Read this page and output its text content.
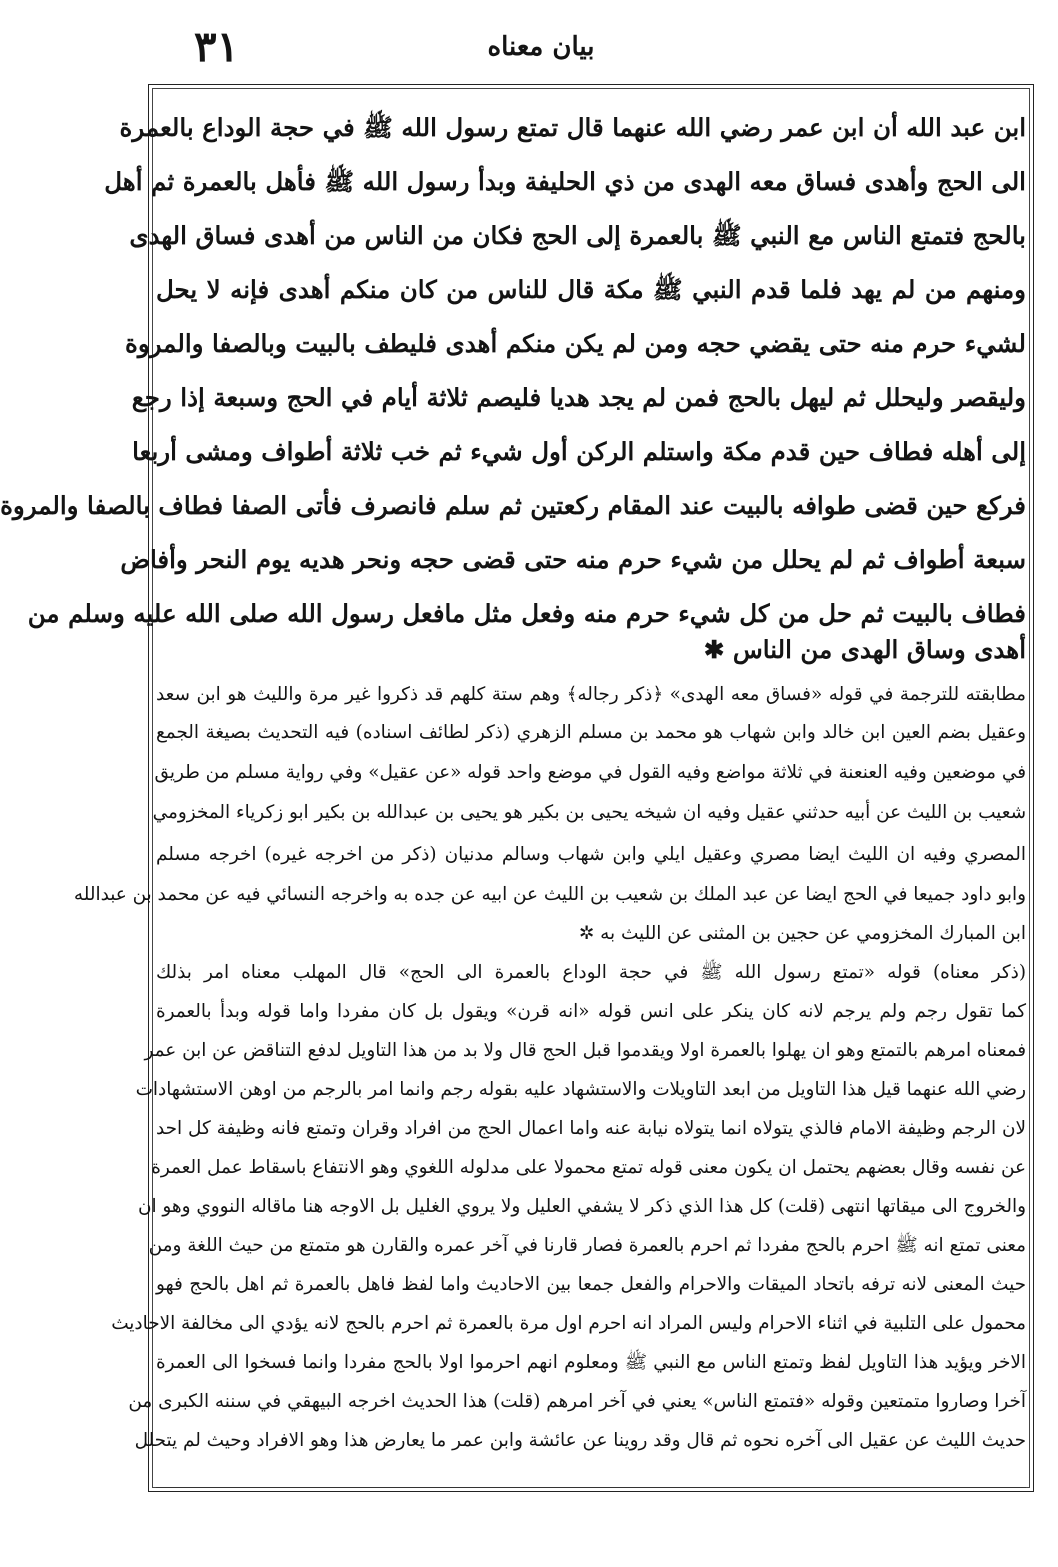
٣١	بيان معناه
ابن عبد الله أن ابن عمر رضي الله عنهما قال تمتع رسول الله ﷺ في حجة الوداع بالعمرة
الى الحج وأهدى فساق معه الهدى من ذي الحليفة وبدأ رسول الله ﷺ فأهل بالعمرة ثم أهل
بالحج فتمتع الناس مع النبي ﷺ بالعمرة إلى الحج فكان من الناس من أهدى فساق الهدى
ومنهم من لم يهد فلما قدم النبي ﷺ مكة قال للناس من كان منكم أهدى فإنه لا يحل
لشيء حرم منه حتى يقضي حجه ومن لم يكن منكم أهدى فليطف بالبيت وبالصفا والمروة
وليقصر وليحلل ثم ليهل بالحج فمن لم يجد هديا فليصم ثلاثة أيام في الحج وسبعة إذا رجع
إلى أهله فطاف حين قدم مكة واستلم الركن أول شيء ثم خب ثلاثة أطواف ومشى أربعا
فركع حين قضى طوافه بالبيت عند المقام ركعتين ثم سلم فانصرف فأتى الصفا فطاف بالصفا والمروة
سبعة أطواف ثم لم يحلل من شيء حرم منه حتى قضى حجه ونحر هديه يوم النحر وأفاض
فطاف بالبيت ثم حل من كل شيء حرم منه وفعل مثل مافعل رسول الله صلى الله عليه وسلم من
أهدى وساق الهدى من الناس ✱
مطابقته للترجمة في قوله «فساق معه الهدى» ﴿ذكر رجاله﴾ وهم ستة كلهم قد ذكروا غير مرة والليث هو ابن سعد
وعقيل بضم العين ابن خالد وابن شهاب هو محمد بن مسلم الزهري (ذكر لطائف اسناده) فيه التحديث بصيغة الجمع
في موضعين وفيه العنعنة في ثلاثة مواضع وفيه القول في موضع واحد قوله «عن عقيل» وفي رواية مسلم من طريق
شعيب بن الليث عن أبيه حدثني عقيل وفيه ان شيخه يحيى بن بكير هو يحيى بن عبدالله بن بكير ابو زكرياء المخزومي
المصري وفيه ان الليث ايضا مصري وعقيل ايلي وابن شهاب وسالم مدنيان (ذكر من اخرجه غيره) اخرجه مسلم
وابو داود جميعا في الحج ايضا عن عبد الملك بن شعيب بن الليث عن ابيه عن جده به واخرجه النسائي فيه عن محمد بن عبدالله
ابن المبارك المخزومي عن حجين بن المثنى عن الليث به ✲
(ذكر معناه) قوله «تمتع رسول الله ﷺ في حجة الوداع بالعمرة الى الحج» قال المهلب معناه امر بذلك
كما تقول رجم ولم يرجم لانه كان ينكر على انس قوله «انه قرن» ويقول بل كان مفردا واما قوله وبدأ بالعمرة
فمعناه امرهم بالتمتع وهو ان يهلوا بالعمرة اولا ويقدموا قبل الحج قال ولا بد من هذا التاويل لدفع التناقض عن ابن عمر
رضي الله عنهما قيل هذا التاويل من ابعد التاويلات والاستشهاد عليه بقوله رجم وانما امر بالرجم من اوهن الاستشهادات
لان الرجم وظيفة الامام فالذي يتولاه انما يتولاه نيابة عنه واما اعمال الحج من افراد وقران وتمتع فانه وظيفة كل احد
عن نفسه وقال بعضهم يحتمل ان يكون معنى قوله تمتع محمولا على مدلوله اللغوي وهو الانتفاع باسقاط عمل العمرة
والخروج الى ميقاتها انتهى (قلت) كل هذا الذي ذكر لا يشفي العليل ولا يروي الغليل بل الاوجه هنا ماقاله النووي وهو ان
معنى تمتع انه ﷺ احرم بالحج مفردا ثم احرم بالعمرة فصار قارنا في آخر عمره والقارن هو متمتع من حيث اللغة ومن
حيث المعنى لانه ترفه باتحاد الميقات والاحرام والفعل جمعا بين الاحاديث واما لفظ فاهل بالعمرة ثم اهل بالحج فهو
محمول على التلبية في اثناء الاحرام وليس المراد انه احرم اول مرة بالعمرة ثم احرم بالحج لانه يؤدي الى مخالفة الاحاديث
الاخر ويؤيد هذا التاويل لفظ وتمتع الناس مع النبي ﷺ ومعلوم انهم احرموا اولا بالحج مفردا وانما فسخوا الى العمرة
آخرا وصاروا متمتعين وقوله «فتمتع الناس» يعني في آخر امرهم (قلت) هذا الحديث اخرجه البيهقي في سننه الكبرى من
حديث الليث عن عقيل الى آخره نحوه ثم قال وقد روينا عن عائشة وابن عمر ما يعارض هذا وهو الافراد وحيث لم يتحلل
